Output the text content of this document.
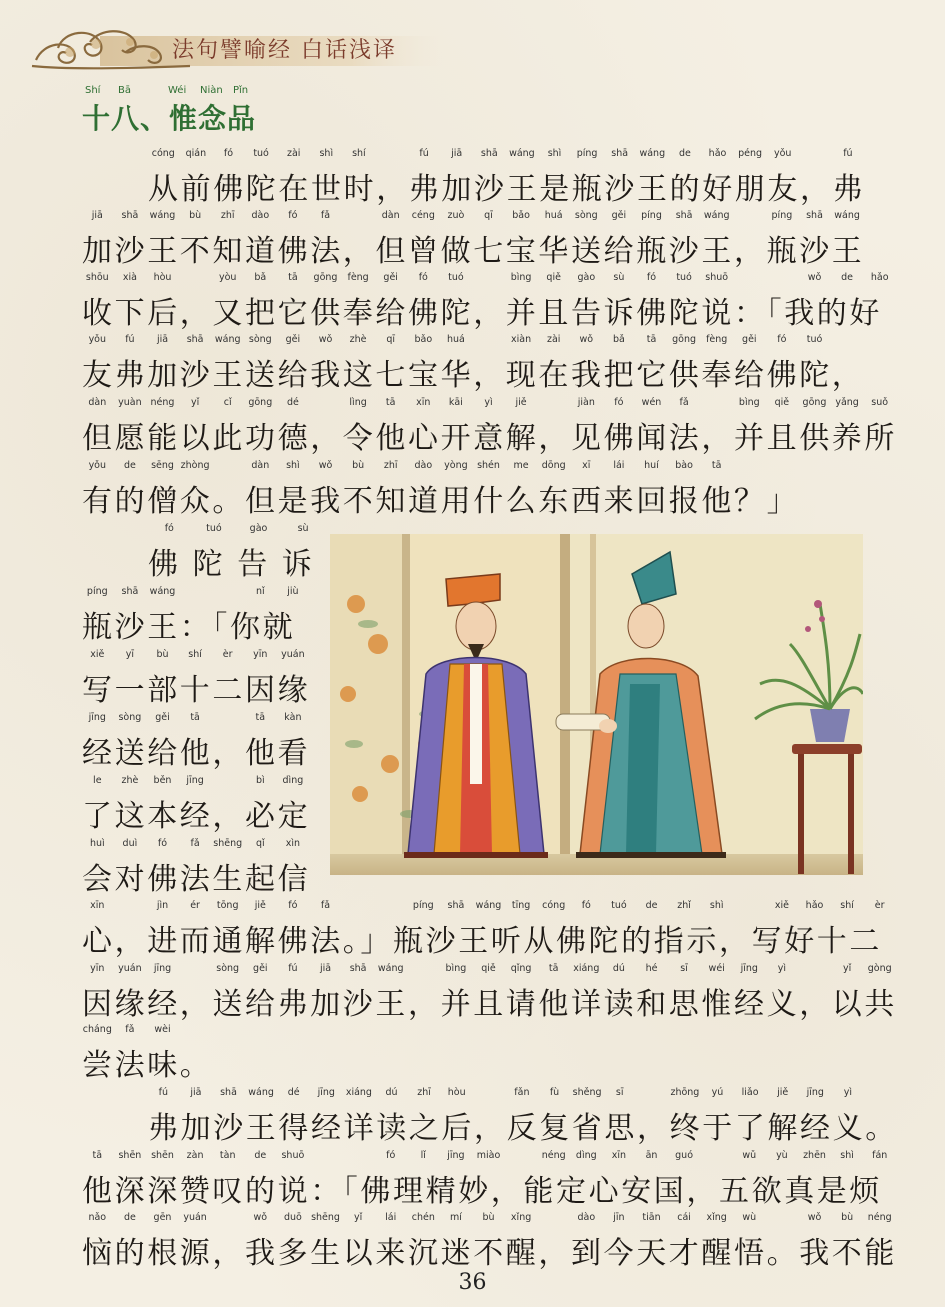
法句譬喻经 白话浅译
Shí Bā	Wéi Niàn Pǐn
十八、惟念品
cóng qián fó tuó zài shì shí	fú jiā shā wáng shì píng shā wáng de hǎo péng yǒu	fú
从前佛陀在世时，弗加沙王是瓶沙王的好朋友，弗
jiā shā wáng bù zhī dào fó fǎ	dàn céng zuò qī bǎo huá sòng gěi píng shā wáng	píng shā wáng
加沙王不知道佛法，但曾做七宝华送给瓶沙王，瓶沙王
shōu xià hòu	yòu bǎ tā gōng fèng gěi fó tuó	bìng qiě gào sù fó tuó shuō	wǒ de hǎo
收下后，又把它供奉给佛陀，并且告诉佛陀说：「我的好
yǒu fú jiā shā wáng sòng gěi wǒ zhè qī bǎo huá	xiàn zài wǒ bǎ tā gōng fèng gěi fó tuó
友弗加沙王送给我这七宝华，现在我把它供奉给佛陀，
dàn yuàn néng yǐ	cǐ gōng dé	lìng tā xīn kāi yì jiě	jiàn fó wén fǎ	bìng qiě gōng yǎng suǒ
但愿能以此功德，令他心开意解，见佛闻法，并且供养所
yǒu de sēng zhòng	dàn shì wǒ bù zhī dào yòng shén me dōng xī lái huí bào tā
有的僧众。但是我不知道用什么东西来回报他？」
fó	tuó	gào	sù
佛陀告诉
píng shā wáng	nǐ jiù
瓶沙王：「你就
xiě yī bù shí èr yīn yuán
写一部十二因缘
jīng sòng gěi tā	tā kàn
经送给他，他看
le zhè běn jīng	bì dìng
了这本经，必定
huì duì fó fǎ shēng qǐ xìn
会对佛法生起信
xīn	jìn ér tōng jiě fó fǎ	píng shā wáng tīng cóng fó tuó de zhǐ shì	xiě hǎo shí èr
心，进而通解佛法。」瓶沙王听从佛陀的指示，写好十二
yīn yuán jīng	sòng gěi fú jiā shā wáng	bìng qiě qǐng tā xiáng dú hé sī wéi jīng yì	yǐ gòng
因缘经，送给弗加沙王，并且请他详读和思惟经义，以共
cháng fǎ wèi
尝法味。
fú jiā shā wáng dé jīng xiáng dú zhī hòu	fǎn fù shěng sī	zhōng yú liǎo jiě jīng yì
弗加沙王得经详读之后，反复省思，终于了解经义。
tā shēn shēn zàn tàn de shuō	fó	lǐ jīng miào	néng dìng xīn ān guó	wǔ yù zhēn shì fán
他深深赞叹的说：「佛理精妙，能定心安国，五欲真是烦
nǎo de gēn yuán	wǒ duō shēng yǐ lái chén mí bù xǐng	dào jīn tiān cái xǐng wù	wǒ bù néng
恼的根源，我多生以来沉迷不醒，到今天才醒悟。我不能
36
